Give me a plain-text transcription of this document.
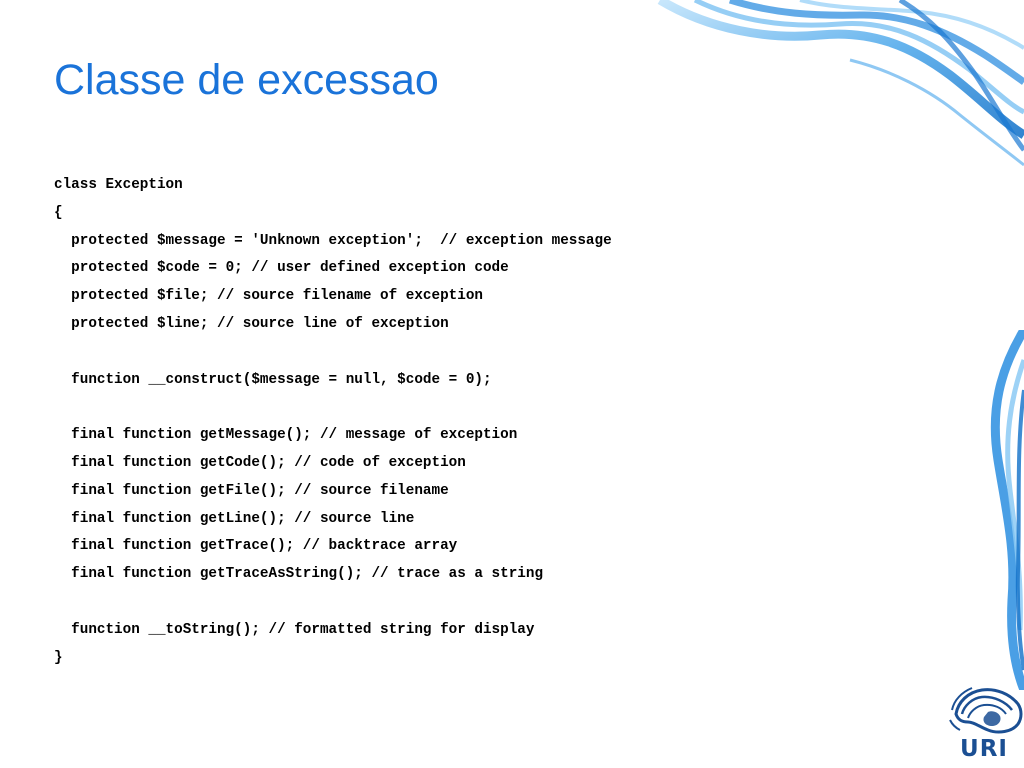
Classe de excessao
class Exception
{
protected $message = 'Unknown exception';  // exception message
protected $code = 0; // user defined exception code
protected $file; // source filename of exception
protected $line; // source line of exception
function __construct($message = null, $code = 0);
final function getMessage(); // message of exception
final function getCode(); // code of exception
final function getFile(); // source filename
final function getLine(); // source line
final function getTrace(); // backtrace array
final function getTraceAsString(); // trace as a string
function __toString(); // formatted string for display
}
URI
